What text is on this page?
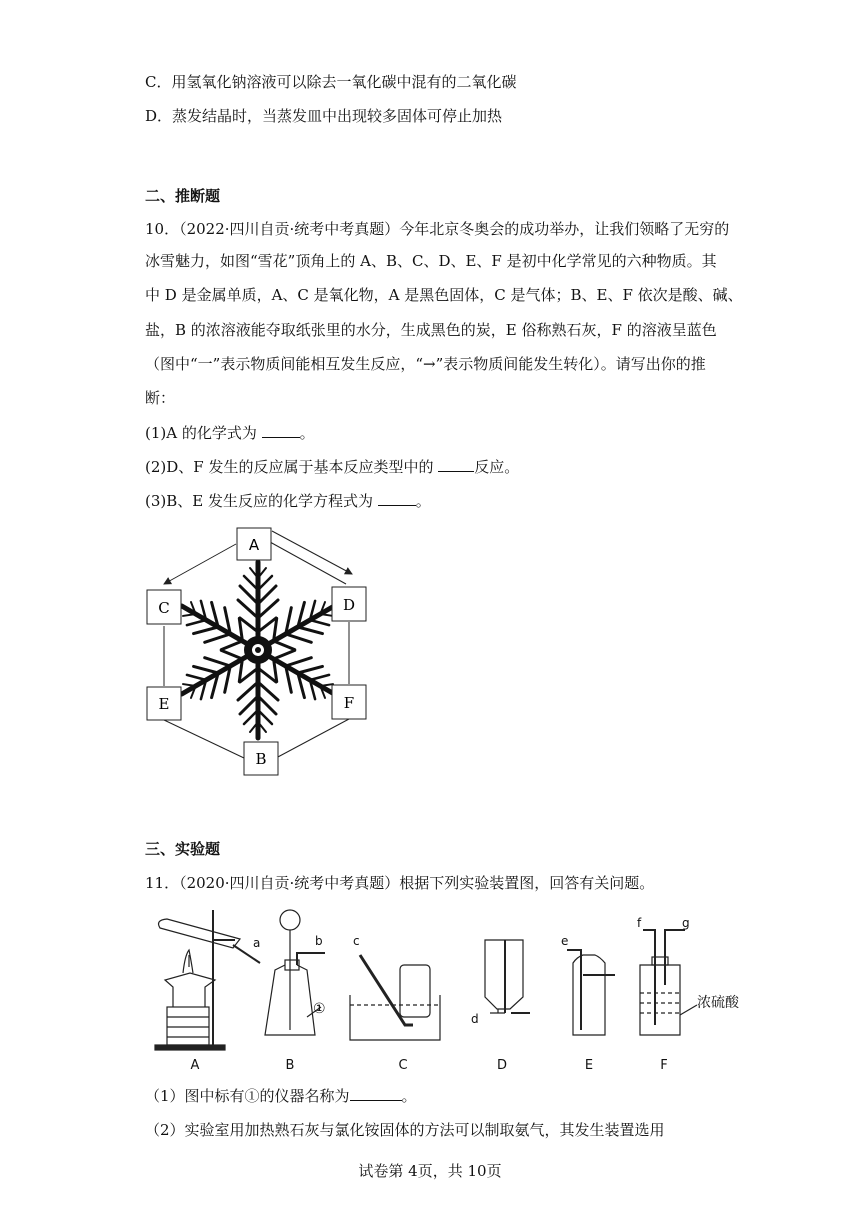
C．用氢氧化钠溶液可以除去一氧化碳中混有的二氧化碳
D．蒸发结晶时，当蒸发皿中出现较多固体可停止加热
二、推断题
10．（2022·四川自贡·统考中考真题）今年北京冬奥会的成功举办，让我们领略了无穷的
冰雪魅力，如图“雪花”顶角上的 A、B、C、D、E、F 是初中化学常见的六种物质。其
中 D 是金属单质，A、C 是氧化物，A 是黑色固体，C 是气体；B、E、F 依次是酸、碱、
盐，B 的浓溶液能夺取纸张里的水分，生成黑色的炭，E 俗称熟石灰，F 的溶液呈蓝色
（图中“一”表示物质间能相互发生反应，“→”表示物质间能发生转化）。请写出你的推
断：
(1)A 的化学式为	。
(2)D、F 发生的反应属于基本反应类型中的 反应。
(3)B、E 发生反应的化学方程式为	。
A
C	D
E	F
B
三、实验题
11．（2020·四川自贡·统考中考真题）根据下列实验装置图，回答有关问题。
a	b
①
c
d
e
f	g
浓硫酸
A	B	C	D	E	F
（1）图中标有①的仪器名称为	。
（2）实验室用加热熟石灰与氯化铵固体的方法可以制取氨气，其发生装置选用
试卷第 4页，共 10页
